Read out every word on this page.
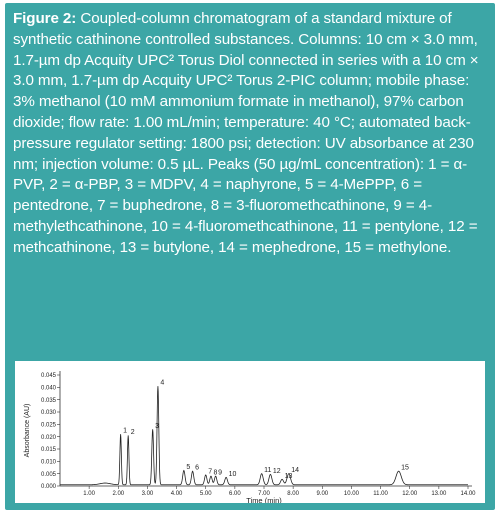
Figure 2: Coupled-column chromatogram of a standard mixture of synthetic cathinone controlled substances. Columns: 10 cm × 3.0 mm, 1.7-µm dp Acquity UPC² Torus Diol connected in series with a 10 cm × 3.0 mm, 1.7-µm dp Acquity UPC² Torus 2-PIC column; mobile phase: 3% methanol (10 mM ammonium formate in methanol), 97% carbon dioxide; flow rate: 1.00 mL/min; temperature: 40 °C; automated back-pressure regulator setting: 1800 psi; detection: UV absorbance at 230 nm; injection volume: 0.5 µL. Peaks (50 µg/mL concentration): 1 = α-PVP, 2 = α-PBP, 3 = MDPV, 4 = naphyrone, 5 = 4-MePPP, 6 = pentedrone, 7 = buphedrone, 8 = 3-fluoromethcathinone, 9 = 4-methylethcathinone, 10 = 4-fluoromethcathinone, 11 = pentylone, 12 = methcathinone, 13 = butylone, 14 = mephedrone, 15 = methylone.
0.000
0.005
0.010
0.015
0.020
0.025
0.030
0.035
0.040
0.045
1.00	2.00	3.00	4.00	5.00	6.00	7.00	8.00	9.00	10.00 11.00 12.00 13.00 14.00
1 2
3
4
5 6
7 8 9 10
11 12
13
14	15
Absorbance (AU)
Time (min)
